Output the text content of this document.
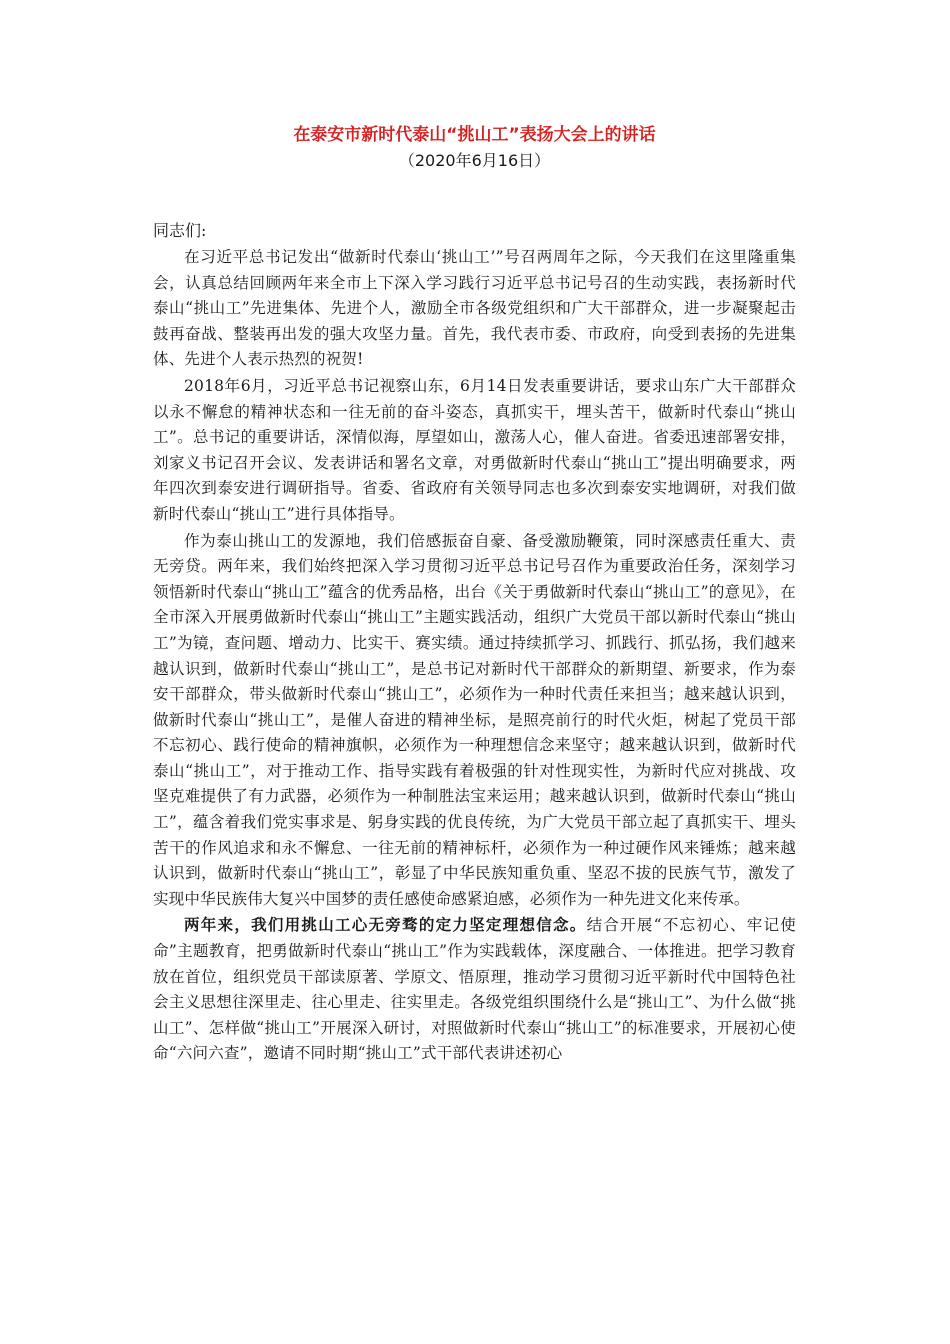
在泰安市新时代泰山“挑山工”表扬大会上的讲话

（2020年6月16日）

同志们:

在习近平总书记发出“做新时代泰山‘挑山工’”号召两周年之际，今天我们在这里隆重集会，认真总结回顾两年来全市上下深入学习践行习近平总书记号召的生动实践，表扬新时代泰山“挑山工”先进集体、先进个人，激励全市各级党组织和广大干部群众，进一步凝聚起击鼓再奋战、整装再出发的强大攻坚力量。首先，我代表市委、市政府，向受到表扬的先进集体、先进个人表示热烈的祝贺!

2018年6月，习近平总书记视察山东，6月14日发表重要讲话，要求山东广大干部群众以永不懈怠的精神状态和一往无前的奋斗姿态，真抓实干，埋头苦干，做新时代泰山“挑山工”。总书记的重要讲话，深情似海，厚望如山，激荡人心，催人奋进。省委迅速部署安排，刘家义书记召开会议、发表讲话和署名文章，对勇做新时代泰山“挑山工”提出明确要求，两年四次到泰安进行调研指导。省委、省政府有关领导同志也多次到泰安实地调研，对我们做新时代泰山“挑山工”进行具体指导。

作为泰山挑山工的发源地，我们倍感振奋自豪、备受激励鞭策，同时深感责任重大、责无旁贷。两年来，我们始终把深入学习贯彻习近平总书记号召作为重要政治任务，深刻学习领悟新时代泰山“挑山工”蕴含的优秀品格，出台《关于勇做新时代泰山“挑山工”的意见》，在全市深入开展勇做新时代泰山“挑山工”主题实践活动，组织广大党员干部以新时代泰山“挑山工”为镜，查问题、增动力、比实干、赛实绩。通过持续抓学习、抓践行、抓弘扬，我们越来越认识到，做新时代泰山“挑山工”，是总书记对新时代干部群众的新期望、新要求，作为泰安干部群众，带头做新时代泰山“挑山工”，必须作为一种时代责任来担当；越来越认识到，做新时代泰山“挑山工”，是催人奋进的精神坐标，是照亮前行的时代火炬，树起了党员干部不忘初心、践行使命的精神旗帜，必须作为一种理想信念来坚守；越来越认识到，做新时代泰山“挑山工”，对于推动工作、指导实践有着极强的针对性现实性，为新时代应对挑战、攻坚克难提供了有力武器，必须作为一种制胜法宝来运用；越来越认识到，做新时代泰山“挑山工”，蕴含着我们党实事求是、躬身实践的优良传统，为广大党员干部立起了真抓实干、埋头苦干的作风追求和永不懈怠、一往无前的精神标杆，必须作为一种过硬作风来锤炼；越来越认识到，做新时代泰山“挑山工”，彰显了中华民族知重负重、坚忍不拔的民族气节，激发了实现中华民族伟大复兴中国梦的责任感使命感紧迫感，必须作为一种先进文化来传承。

两年来，我们用挑山工心无旁骛的定力坚定理想信念。结合开展“不忘初心、牢记使命”主题教育，把勇做新时代泰山“挑山工”作为实践载体，深度融合、一体推进。把学习教育放在首位，组织党员干部读原著、学原文、悟原理，推动学习贯彻习近平新时代中国特色社会主义思想往深里走、往心里走、往实里走。各级党组织围绕什么是“挑山工”、为什么做“挑山工”、怎样做“挑山工”开展深入研讨，对照做新时代泰山“挑山工”的标准要求，开展初心使命“六问六查”，邀请不同时期“挑山工”式干部代表讲述初心
